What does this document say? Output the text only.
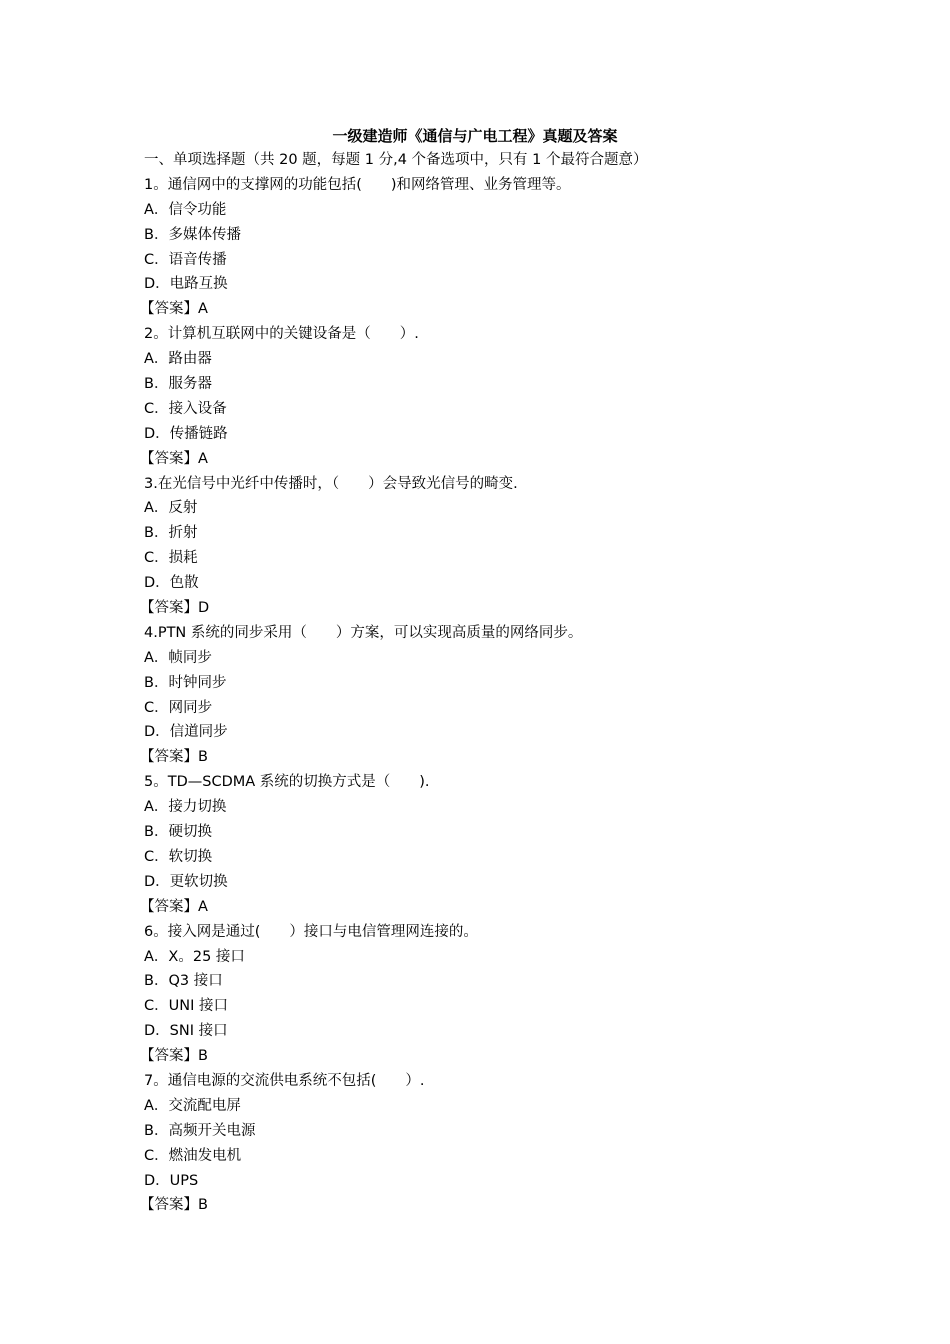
一级建造师《通信与广电工程》真题及答案
一、单项选择题（共 20 题，每题 1 分,4 个备选项中，只有 1 个最符合题意）
1。通信网中的支撑网的功能包括(　　)和网络管理、业务管理等。
A．信令功能
B．多媒体传播
C．语音传播
D．电路互换
【答案】A
2。计算机互联网中的关键设备是（　　）.
A．路由器
B．服务器
C．接入设备
D．传播链路
【答案】A
3.在光信号中光纤中传播时，（　　）会导致光信号的畸变.
A．反射
B．折射
C．损耗
D．色散
【答案】D
4.PTN 系统的同步采用（　　）方案，可以实现高质量的网络同步。
A．帧同步
B．时钟同步
C．网同步
D．信道同步
【答案】B
5。TD—SCDMA 系统的切换方式是（　　).
A．接力切换
B．硬切换
C．软切换
D．更软切换
【答案】A
6。接入网是通过(　　）接口与电信管理网连接的。
A．X。25 接口
B．Q3 接口
C．UNI 接口
D．SNI 接口
【答案】B
7。通信电源的交流供电系统不包括(　　）.
A．交流配电屏
B．高频开关电源
C．燃油发电机
D．UPS
【答案】B
